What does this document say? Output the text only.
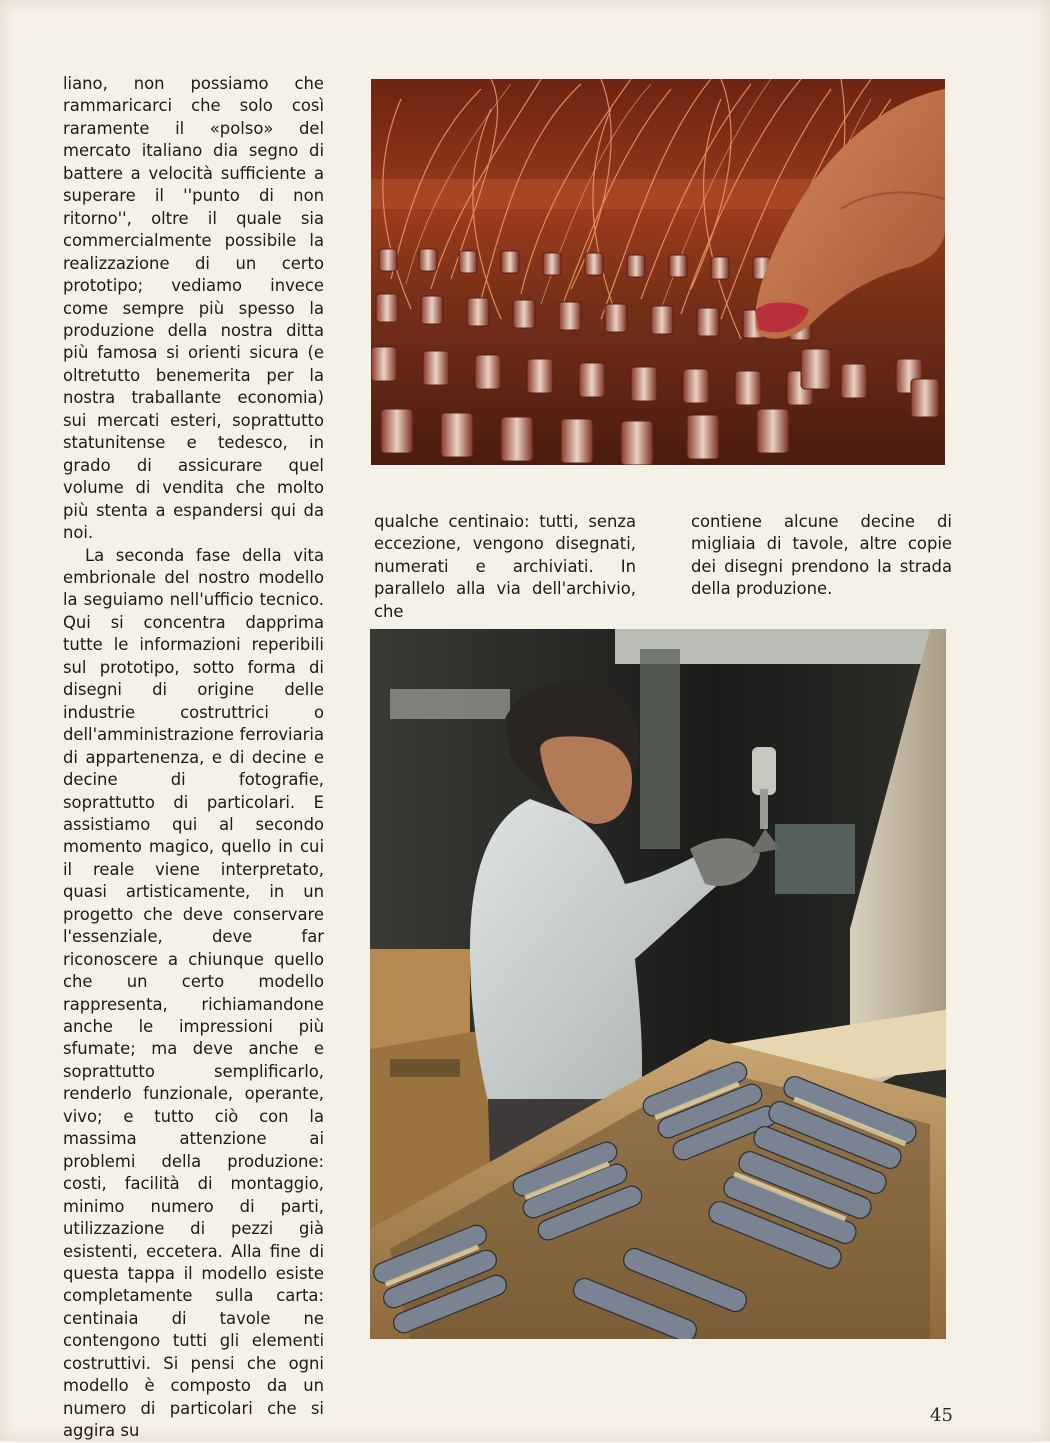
liano, non possiamo che rammaricarci che solo così raramente il «polso» del mercato italiano dia segno di battere a velocità sufficiente a superare il ''punto di non ritorno'', oltre il quale sia commercialmente possibile la realizzazione di un certo prototipo; vediamo invece come sempre più spesso la produzione della nostra ditta più famosa si orienti sicura (e oltretutto benemerita per la nostra traballante economia) sui mercati esteri, soprattutto statunitense e tedesco, in grado di assicurare quel volume di vendita che molto più stenta a espandersi qui da noi.

La seconda fase della vita embrionale del nostro modello la seguiamo nell'ufficio tecnico. Qui si concentra dapprima tutte le informazioni reperibili sul prototipo, sotto forma di disegni di origine delle industrie costruttrici o dell'amministrazione ferroviaria di appartenenza, e di decine e decine di fotografie, soprattutto di particolari. E assistiamo qui al secondo momento magico, quello in cui il reale viene interpretato, quasi artisticamente, in un progetto che deve conservare l'essenziale, deve far riconoscere a chiunque quello che un certo modello rappresenta, richiamandone anche le impressioni più sfumate; ma deve anche e soprattutto semplificarlo, renderlo funzionale, operante, vivo; e tutto ciò con la massima attenzione ai problemi della produzione: costi, facilità di montaggio, minimo numero di parti, utilizzazione di pezzi già esistenti, eccetera. Alla fine di questa tappa il modello esiste completamente sulla carta: centinaia di tavole ne contengono tutti gli elementi costruttivi. Si pensi che ogni modello è composto da un numero di particolari che si aggira su

qualche centinaio: tutti, senza eccezione, vengono disegnati, numerati e archiviati. In parallelo alla via dell'archivio, che

contiene alcune decine di migliaia di tavole, altre copie dei disegni prendono la strada della produzione.

45
